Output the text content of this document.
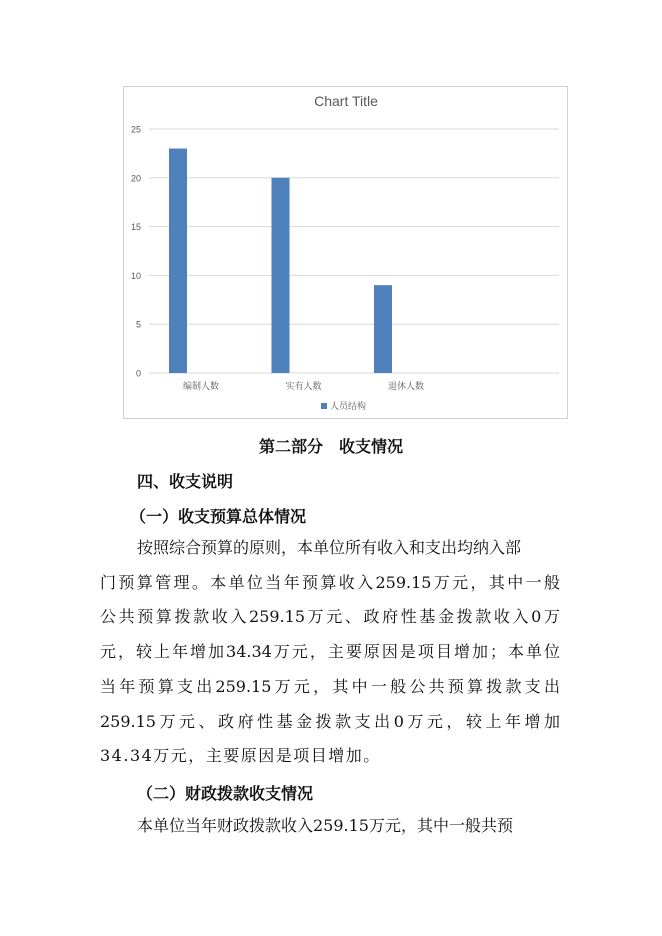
Chart Title
0
5
10
15
20
25
编制人数	实有人数	退休人数
人员结构
第二部分　收支情况
四、收支说明
（一）收支预算总体情况
按照综合预算的原则，本单位所有收入和支出均纳入部
门预算管理。本单位当年预算收入259.15万元，其中一般
公共预算拨款收入259.15万元、政府性基金拨款收入0万
元，较上年增加34.34万元，主要原因是项目增加；本单位
当年预算支出259.15万元，其中一般公共预算拨款支出
259.15万元、政府性基金拨款支出0万元，较上年增加
34.34万元，主要原因是项目增加。
（二）财政拨款收支情况
本单位当年财政拨款收入259.15万元，其中一般共预
